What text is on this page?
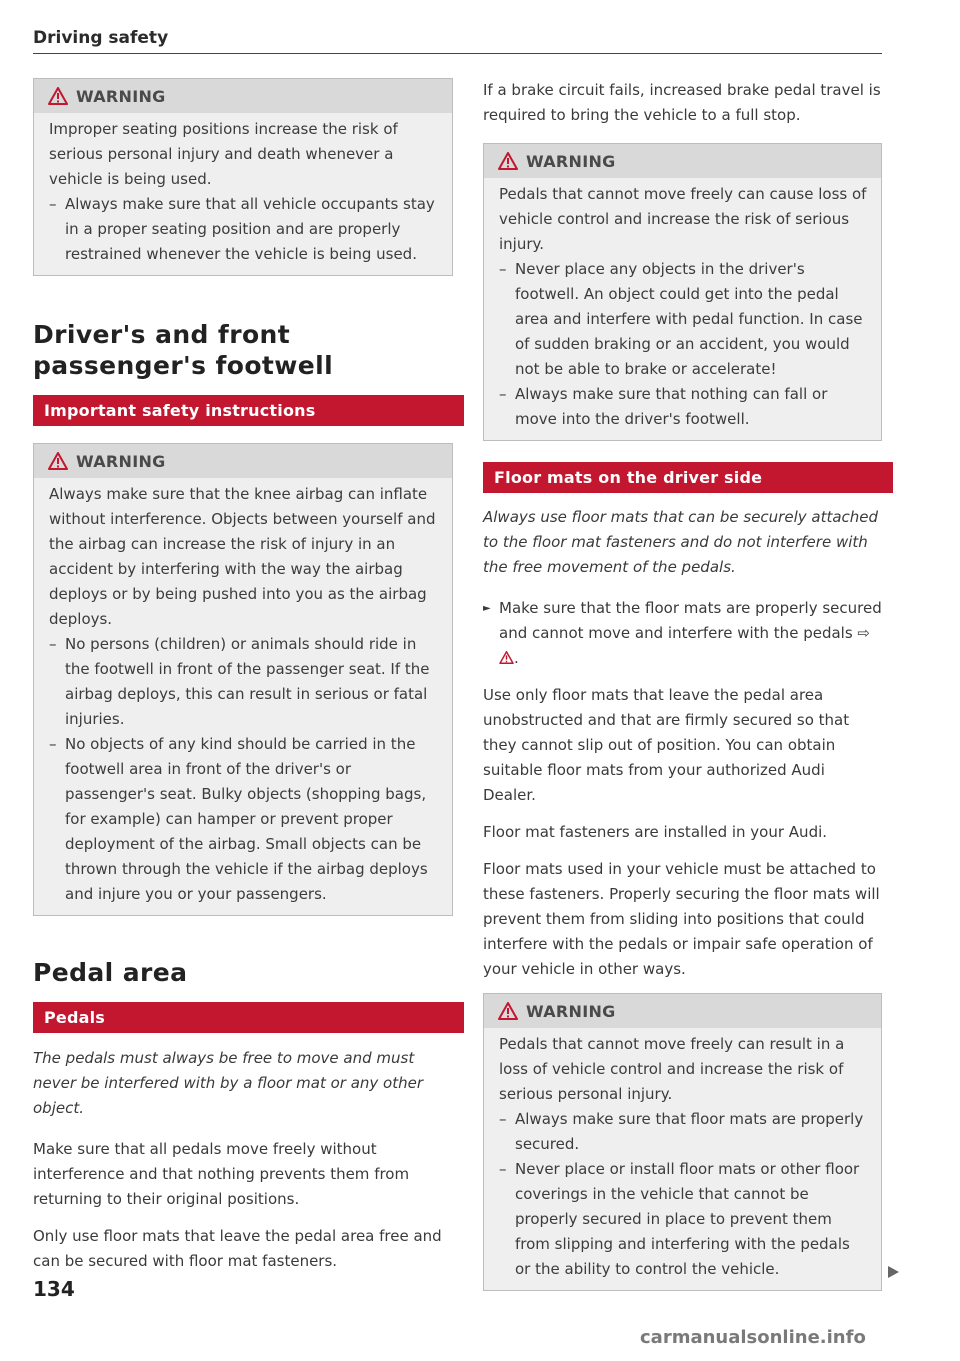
Driving safety
WARNING

Improper seating positions increase the risk of serious personal injury and death whenever a vehicle is being used.

– Always make sure that all vehicle occupants stay in a proper seating position and are properly restrained whenever the vehicle is being used.
Driver's and front passenger's footwell
Important safety instructions
WARNING

Always make sure that the knee airbag can inflate without interference. Objects between yourself and the airbag can increase the risk of injury in an accident by interfering with the way the airbag deploys or by being pushed into you as the airbag deploys.

– No persons (children) or animals should ride in the footwell in front of the passenger seat. If the airbag deploys, this can result in serious or fatal injuries.
– No objects of any kind should be carried in the footwell area in front of the driver's or passenger's seat. Bulky objects (shopping bags, for example) can hamper or prevent proper deployment of the airbag. Small objects can be thrown through the vehicle if the airbag deploys and injure you or your passengers.
Pedal area
Pedals

The pedals must always be free to move and must never be interfered with by a floor mat or any other object.

Make sure that all pedals move freely without interference and that nothing prevents them from returning to their original positions.

Only use floor mats that leave the pedal area free and can be secured with floor mat fasteners.

If a brake circuit fails, increased brake pedal travel is required to bring the vehicle to a full stop.
WARNING

Pedals that cannot move freely can cause loss of vehicle control and increase the risk of serious injury.

– Never place any objects in the driver's footwell. An object could get into the pedal area and interfere with pedal function. In case of sudden braking or an accident, you would not be able to brake or accelerate!
– Always make sure that nothing can fall or move into the driver's footwell.
Floor mats on the driver side

Always use floor mats that can be securely attached to the floor mat fasteners and do not interfere with the free movement of the pedals.

► Make sure that the floor mats are properly secured and cannot move and interfere with the pedals ⇨ .

Use only floor mats that leave the pedal area unobstructed and that are firmly secured so that they cannot slip out of position. You can obtain suitable floor mats from your authorized Audi Dealer.

Floor mat fasteners are installed in your Audi.

Floor mats used in your vehicle must be attached to these fasteners. Properly securing the floor mats will prevent them from sliding into positions that could interfere with the pedals or impair safe operation of your vehicle in other ways.

WARNING

Pedals that cannot move freely can result in a loss of vehicle control and increase the risk of serious personal injury.

– Always make sure that floor mats are properly secured.
– Never place or install floor mats or other floor coverings in the vehicle that cannot be properly secured in place to prevent them from slipping and interfering with the pedals or the ability to control the vehicle.
134
carmanualsonline.info
